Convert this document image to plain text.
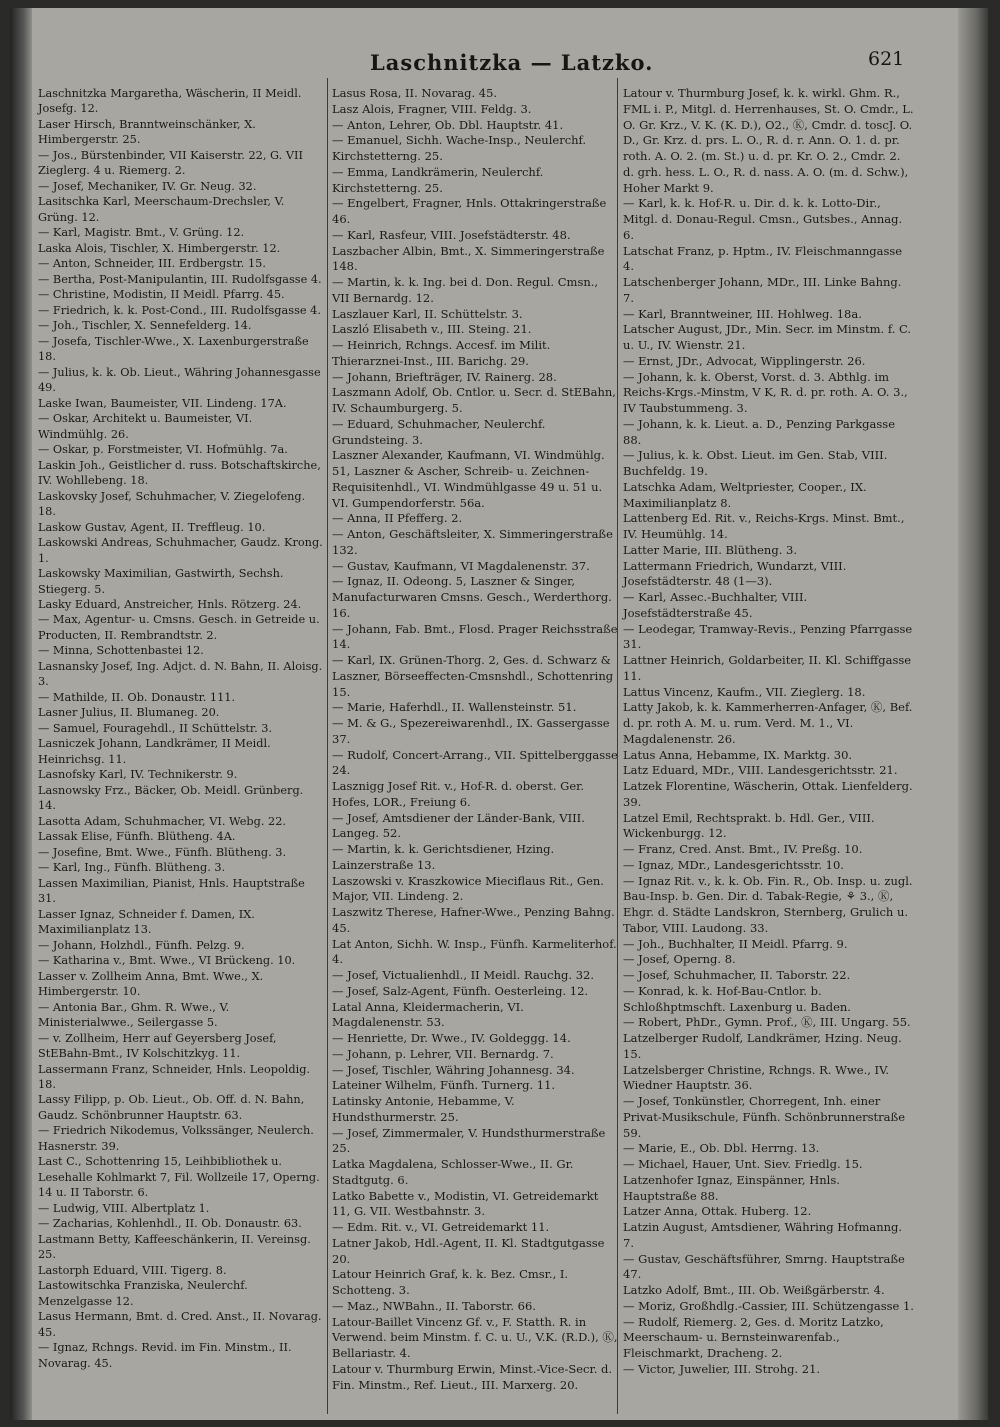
Laschnitzka — Latzko.	621

Laschnitzka Margaretha, Wäscherin, II Meidl.

Josefg. 12.

Laser Hirsch, Branntweinschänker, X. Himbergerstr. 25.

— Jos., Bürstenbinder, VII Kaiserstr. 22, G. VII Zieglerg. 4 u. Riemerg. 2.

— Josef, Mechaniker, IV. Gr. Neug. 32.

Lasitschka Karl, Meerschaum-Drechsler, V. Grüng. 12.

— Karl, Magistr. Bmt., V. Grüng. 12.

Laska Alois, Tischler, X. Himbergerstr. 12.

— Anton, Schneider, III. Erdbergstr. 15.

— Bertha, Post-Manipulantin, III. Rudolfsgasse 4.

— Christine, Modistin, II Meidl. Pfarrg. 45.

— Friedrich, k. k. Post-Cond., III. Rudolfsgasse 4.

— Joh., Tischler, X. Sennefelderg. 14.

— Josefa, Tischler-Wwe., X. Laxenburgerstraße 18.

— Julius, k. k. Ob. Lieut., Währing Johannesgasse 49.

Laske Iwan, Baumeister, VII. Lindeng. 17A.

— Oskar, Architekt u. Baumeister, VI. Windmühlg. 26.

— Oskar, p. Forstmeister, VI. Hofmühlg. 7a.

Laskin Joh., Geistlicher d. russ. Botschaftskirche, IV. Wohllebeng. 18.

Laskovsky Josef, Schuhmacher, V. Ziegelofeng. 18.

Laskow Gustav, Agent, II. Treffleug. 10.

Laskowski Andreas, Schuhmacher, Gaudz. Krong. 1.

Laskowsky Maximilian, Gastwirth, Sechsh. Stiegerg. 5.

Lasky Eduard, Anstreicher, Hnls. Rötzerg. 24.

— Max, Agentur- u. Cmsns. Gesch. in Getreide u. Producten, II. Rembrandtstr. 2.

— Minna, Schottenbastei 12.

Lasnansky Josef, Ing. Adjct. d. N. Bahn, II. Aloisg. 3.

— Mathilde, II. Ob. Donaustr. 111.

Lasner Julius, II. Blumaneg. 20.

— Samuel, Fouragehdl., II Schüttelstr. 3.

Lasniczek Johann, Landkrämer, II Meidl. Heinrichsg. 11.

Lasnofsky Karl, IV. Technikerstr. 9.

Lasnowsky Frz., Bäcker, Ob. Meidl. Grünberg. 14.

Lasotta Adam, Schuhmacher, VI. Webg. 22.

Lassak Elise, Fünfh. Blütheng. 4A.

— Josefine, Bmt. Wwe., Fünfh. Blütheng. 3.

— Karl, Ing., Fünfh. Blütheng. 3.

Lassen Maximilian, Pianist, Hnls. Hauptstraße 31.

Lasser Ignaz, Schneider f. Damen, IX. Maximilianplatz 13.

— Johann, Holzhdl., Fünfh. Pelzg. 9.

— Katharina v., Bmt. Wwe., VI Brückeng. 10.

Lasser v. Zollheim Anna, Bmt. Wwe., X. Himbergerstr. 10.

— Antonia Bar., Ghm. R. Wwe., V. Ministerialwwe., Seilergasse 5.

— v. Zollheim, Herr auf Geyersberg Josef, StEBahn-Bmt., IV Kolschitzkyg. 11.

Lassermann Franz, Schneider, Hnls. Leopoldig. 18.

Lassy Filipp, p. Ob. Lieut., Ob. Off. d. N. Bahn, Gaudz. Schönbrunner Hauptstr. 63.

— Friedrich Nikodemus, Volkssänger, Neulerch. Hasnerstr. 39.

Last C., Schottenring 15, Leihbibliothek u. Lesehalle Kohlmarkt 7, Fil. Wollzeile 17, Operng. 14 u. II Taborstr. 6.

— Ludwig, VIII. Albertplatz 1.

— Zacharias, Kohlenhdl., II. Ob. Donaustr. 63.

Lastmann Betty, Kaffeeschänkerin, II. Vereinsg. 25.

Lastorph Eduard, VIII. Tigerg. 8.

Lastowitschka Franziska, Neulerchf. Menzelgasse 12.

Lasus Hermann, Bmt. d. Cred. Anst., II. Novarag. 45.

— Ignaz, Rchngs. Revid. im Fin. Minstm., II. Novarag. 45.

Lasus Rosa, II. Novarag. 45.

Lasz Alois, Fragner, VIII. Feldg. 3.

— Anton, Lehrer, Ob. Dbl. Hauptstr. 41.

— Emanuel, Sichh. Wache-Insp., Neulerchf. Kirchstetterng. 25.

— Emma, Landkrämerin, Neulerchf. Kirchstetterng. 25.

— Engelbert, Fragner, Hnls. Ottakringerstraße 46.

— Karl, Rasfeur, VIII. Josefstädterstr. 48.

Laszbacher Albin, Bmt., X. Simmeringerstraße 148.

— Martin, k. k. Ing. bei d. Don. Regul. Cmsn., VII Bernardg. 12.

Laszlauer Karl, II. Schüttelstr. 3.

Laszló Elisabeth v., III. Steing. 21.

— Heinrich, Rchngs. Accesf. im Milit. Thierarznei-Inst., III. Barichg. 29.

— Johann, Briefträger, IV. Rainerg. 28.

Laszmann Adolf, Ob. Cntlor. u. Secr. d. StEBahn, IV. Schaumburgerg. 5.

— Eduard, Schuhmacher, Neulerchf. Grundsteing. 3.

Laszner Alexander, Kaufmann, VI. Windmühlg. 51, Laszner & Ascher, Schreib- u. Zeichnen-Requisitenhdl., VI. Windmühlgasse 49 u. 51 u. VI. Gumpendorferstr. 56a.

— Anna, II Pfefferg. 2.

— Anton, Geschäftsleiter, X. Simmeringerstraße 132.

— Gustav, Kaufmann, VI Magdalenenstr. 37.

— Ignaz, II. Odeong. 5, Laszner & Singer, Manufacturwaren Cmsns. Gesch., Werderthorg. 16.

— Johann, Fab. Bmt., Flosd. Prager Reichsstraße 14.

— Karl, IX. Grünen-Thorg. 2, Ges. d. Schwarz & Laszner, Börseeffecten-Cmsnshdl., Schottenring 15.

— Marie, Haferhdl., II. Wallensteinstr. 51.

— M. & G., Spezereiwarenhdl., IX. Gassergasse 37.

— Rudolf, Concert-Arrang., VII. Spittelberggasse 24.

Lasznigg Josef Rit. v., Hof-R. d. oberst. Ger. Hofes, LOR., Freiung 6.

— Josef, Amtsdiener der Länder-Bank, VIII. Langeg. 52.

— Martin, k. k. Gerichtsdiener, Hzing. Lainzerstraße 13.

Laszowski v. Kraszkowice Mieciflaus Rit., Gen. Major, VII. Lindeng. 2.

Laszwitz Therese, Hafner-Wwe., Penzing Bahng. 45.

Lat Anton, Sichh. W. Insp., Fünfh. Karmeliterhof. 4.

— Josef, Victualienhdl., II Meidl. Rauchg. 32.

— Josef, Salz-Agent, Fünfh. Oesterleing. 12.

Latal Anna, Kleidermacherin, VI. Magdalenenstr. 53.

— Henriette, Dr. Wwe., IV. Goldeggg. 14.

— Johann, p. Lehrer, VII. Bernardg. 7.

— Josef, Tischler, Währing Johannesg. 34.

Lateiner Wilhelm, Fünfh. Turnerg. 11.

Latinsky Antonie, Hebamme, V. Hundsthurmerstr. 25.

— Josef, Zimmermaler, V. Hundsthurmerstraße 25.

Latka Magdalena, Schlosser-Wwe., II. Gr. Stadtgutg. 6.

Latko Babette v., Modistin, VI. Getreidemarkt 11, G. VII. Westbahnstr. 3.

— Edm. Rit. v., VI. Getreidemarkt 11.

Latner Jakob, Hdl.-Agent, II. Kl. Stadtgutgasse 20.

Latour Heinrich Graf, k. k. Bez. Cmsr., I. Schotteng. 3.

— Maz., NWBahn., II. Taborstr. 66.

Latour-Baillet Vincenz Gf. v., F. Statth. R. in Verwend. beim Minstm. f. C. u. U., V.K. (R.D.), Ⓚ, Bellariastr. 4.

Latour v. Thurmburg Erwin, Minst.-Vice-Secr. d. Fin. Minstm., Ref. Lieut., III. Marxerg. 20.

Latour v. Thurmburg Josef, k. k. wirkl. Ghm. R., FML i. P., Mitgl. d. Herrenhauses, St. O. Cmdr., L. O. Gr. Krz., V. K. (K. D.), O2., Ⓚ, Cmdr. d. toscJ. O. D., Gr. Krz. d. prs. L. O., R. d. r. Ann. O. 1. d. pr. roth. A. O. 2. (m. St.) u. d. pr. Kr. O. 2., Cmdr. 2. d. grh. hess. L. O., R. d. nass. A. O. (m. d. Schw.), Hoher Markt 9.

— Karl, k. k. Hof-R. u. Dir. d. k. k. Lotto-Dir., Mitgl. d. Donau-Regul. Cmsn., Gutsbes., Annag. 6.

Latschat Franz, p. Hptm., IV. Fleischmanngasse 4.

Latschenberger Johann, MDr., III. Linke Bahng. 7.

— Karl, Branntweiner, III. Hohlweg. 18a.

Latscher August, JDr., Min. Secr. im Minstm. f. C. u. U., IV. Wienstr. 21.

— Ernst, JDr., Advocat, Wipplingerstr. 26.

— Johann, k. k. Oberst, Vorst. d. 3. Abthlg. im Reichs-Krgs.-Minstm, V K, R. d. pr. roth. A. O. 3., IV Taubstummeng. 3.

— Johann, k. k. Lieut. a. D., Penzing Parkgasse 88.

— Julius, k. k. Obst. Lieut. im Gen. Stab, VIII. Buchfeldg. 19.

Latschka Adam, Weltpriester, Cooper., IX. Maximilianplatz 8.

Lattenberg Ed. Rit. v., Reichs-Krgs. Minst. Bmt., IV. Heumühlg. 14.

Latter Marie, III. Blütheng. 3.

Lattermann Friedrich, Wundarzt, VIII. Josefstädterstr. 48 (1—3).

— Karl, Assec.-Buchhalter, VIII. Josefstädterstraße 45.

— Leodegar, Tramway-Revis., Penzing Pfarrgasse 31.

Lattner Heinrich, Goldarbeiter, II. Kl. Schiffgasse 11.

Lattus Vincenz, Kaufm., VII. Zieglerg. 18.

Latty Jakob, k. k. Kammerherren-Anfager, Ⓚ, Bef. d. pr. roth A. M. u. rum. Verd. M. 1., VI. Magdalenenstr. 26.

Latus Anna, Hebamme, IX. Marktg. 30.

Latz Eduard, MDr., VIII. Landesgerichtsstr. 21.

Latzek Florentine, Wäscherin, Ottak. Lienfelderg. 39.

Latzel Emil, Rechtsprakt. b. Hdl. Ger., VIII. Wickenburgg. 12.

— Franz, Cred. Anst. Bmt., IV. Preßg. 10.

— Ignaz, MDr., Landesgerichtsstr. 10.

— Ignaz Rit. v., k. k. Ob. Fin. R., Ob. Insp. u. zugl. Bau-Insp. b. Gen. Dir. d. Tabak-Regie, ⚘ 3., Ⓚ, Ehgr. d. Städte Landskron, Sternberg, Grulich u. Tabor, VIII. Laudong. 33.

— Joh., Buchhalter, II Meidl. Pfarrg. 9.

— Josef, Operng. 8.

— Josef, Schuhmacher, II. Taborstr. 22.

— Konrad, k. k. Hof-Bau-Cntlor. b. Schloßhptmschft. Laxenburg u. Baden.

— Robert, PhDr., Gymn. Prof., Ⓚ, III. Ungarg. 55.

Latzelberger Rudolf, Landkrämer, Hzing. Neug. 15.

Latzelsberger Christine, Rchngs. R. Wwe., IV. Wiedner Hauptstr. 36.

— Josef, Tonkünstler, Chorregent, Inh. einer Privat-Musikschule, Fünfh. Schönbrunnerstraße 59.

— Marie, E., Ob. Dbl. Herrng. 13.

— Michael, Hauer, Unt. Siev. Friedlg. 15.

Latzenhofer Ignaz, Einspänner, Hnls. Hauptstraße 88.

Latzer Anna, Ottak. Huberg. 12.

Latzin August, Amtsdiener, Währing Hofmanng. 7.

— Gustav, Geschäftsführer, Smrng. Hauptstraße 47.

Latzko Adolf, Bmt., III. Ob. Weißgärberstr. 4.

— Moriz, Großhdlg.-Cassier, III. Schützengasse 1.

— Rudolf, Riemerg. 2, Ges. d. Moritz Latzko, Meerschaum- u. Bernsteinwarenfab., Fleischmarkt, Dracheng. 2.

— Victor, Juwelier, III. Strohg. 21.
